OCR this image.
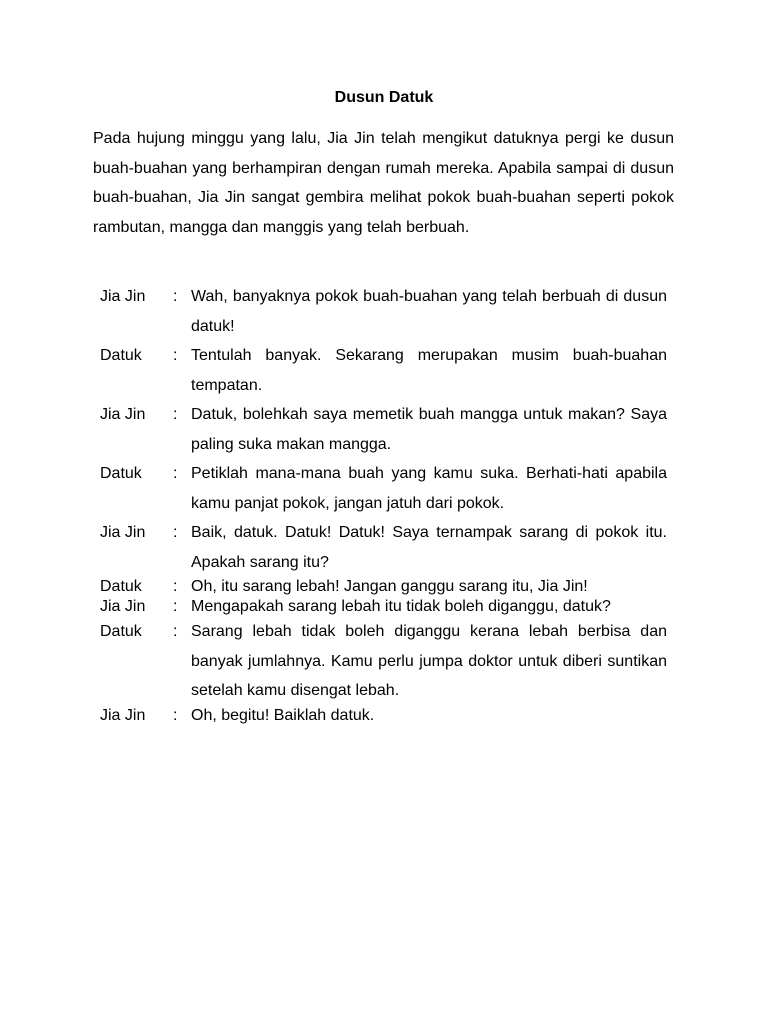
Dusun Datuk
Pada hujung minggu yang lalu, Jia Jin telah mengikut datuknya pergi ke dusun buah-buahan yang berhampiran dengan rumah mereka. Apabila sampai di dusun buah-buahan, Jia Jin sangat gembira melihat pokok buah-buahan seperti pokok rambutan, mangga dan manggis yang telah berbuah.
Jia Jin	: Wah, banyaknya pokok buah-buahan yang telah berbuah di dusun datuk!
Datuk	: Tentulah banyak. Sekarang merupakan musim buah-buahan tempatan.
Jia Jin	: Datuk, bolehkah saya memetik buah mangga untuk makan? Saya paling suka makan mangga.
Datuk	: Petiklah mana-mana buah yang kamu suka. Berhati-hati apabila kamu panjat pokok, jangan jatuh dari pokok.
Jia Jin	: Baik, datuk. Datuk! Datuk! Saya ternampak sarang di pokok itu. Apakah sarang itu?
Datuk	: Oh, itu sarang lebah! Jangan ganggu sarang itu, Jia Jin!
Jia Jin	: Mengapakah sarang lebah itu tidak boleh diganggu, datuk?
Datuk	: Sarang lebah tidak boleh diganggu kerana lebah berbisa dan banyak jumlahnya. Kamu perlu jumpa doktor untuk diberi suntikan setelah kamu disengat lebah.
Jia Jin	: Oh, begitu! Baiklah datuk.
